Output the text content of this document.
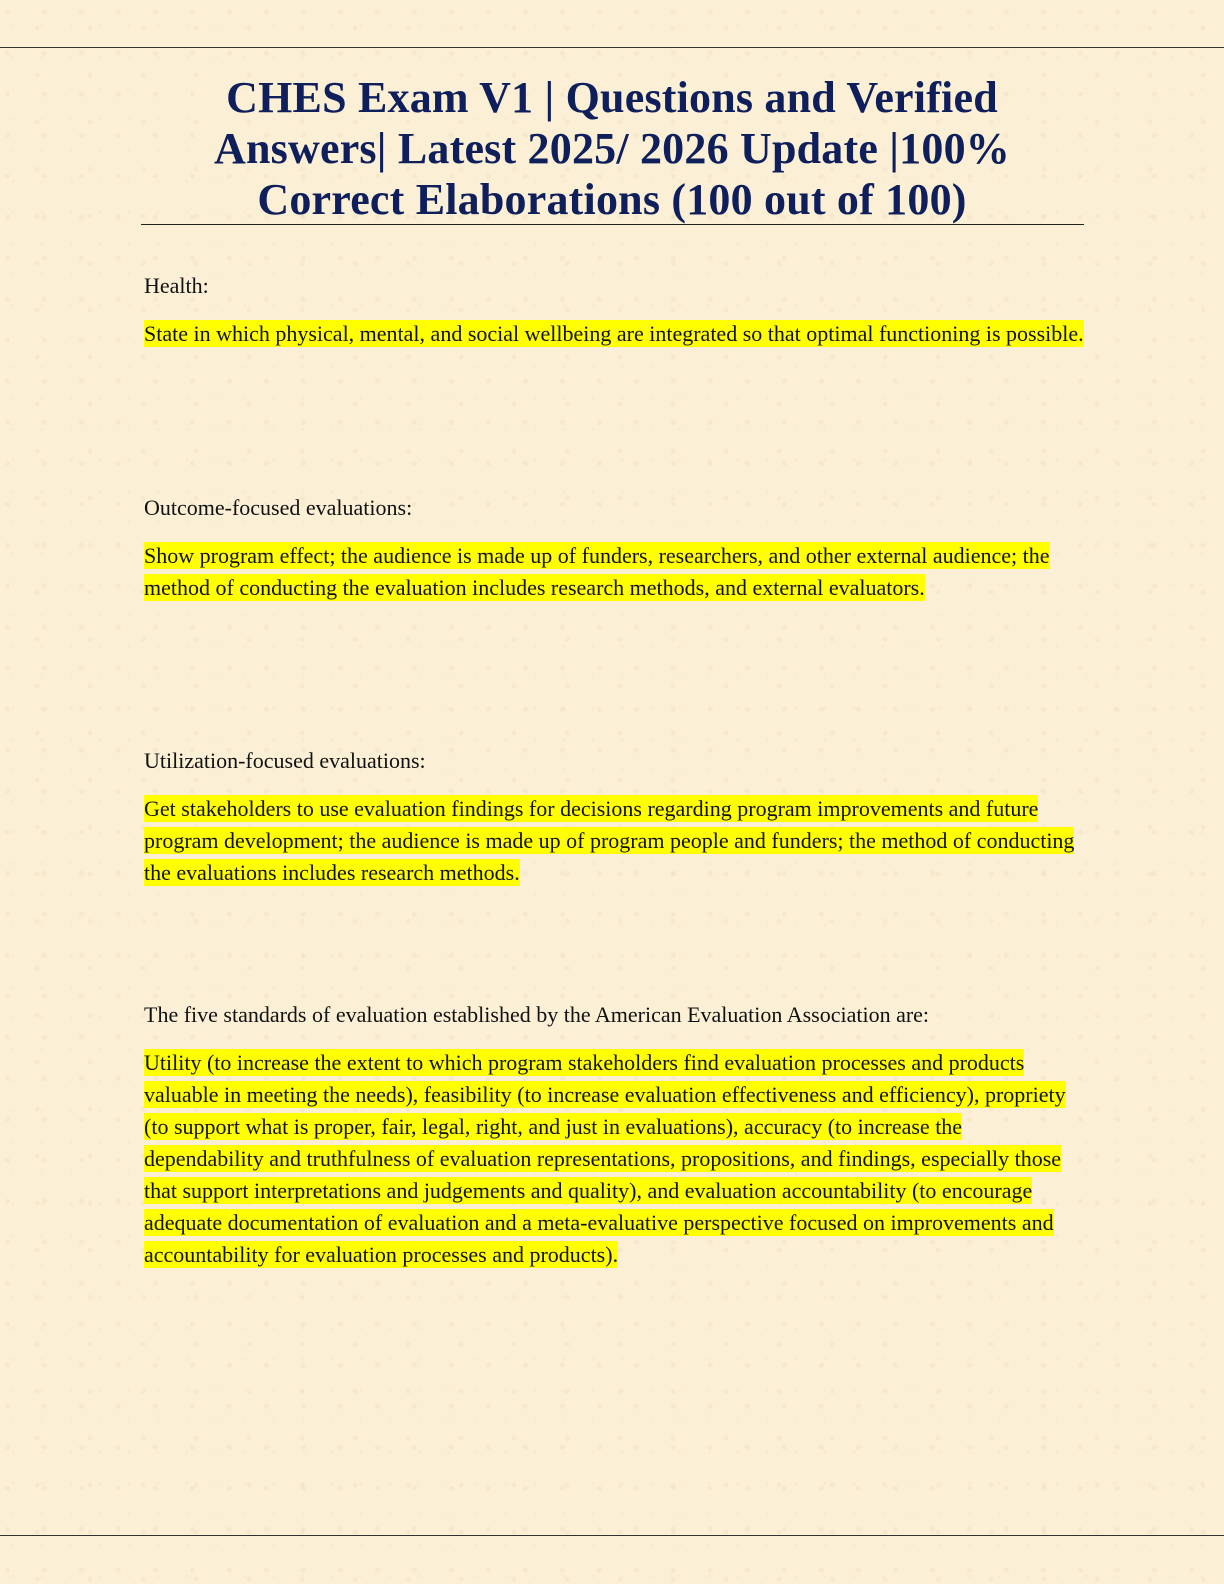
CHES Exam V1 | Questions and Verified Answers| Latest 2025/ 2026 Update |100% Correct Elaborations (100 out of 100)

Health:

State in which physical, mental, and social wellbeing are integrated so that optimal functioning is possible.

Outcome-focused evaluations:

Show program effect; the audience is made up of funders, researchers, and other external audience; the method of conducting the evaluation includes research methods, and external evaluators.

Utilization-focused evaluations:

Get stakeholders to use evaluation findings for decisions regarding program improvements and future program development; the audience is made up of program people and funders; the method of conducting the evaluations includes research methods.

The five standards of evaluation established by the American Evaluation Association are:

Utility (to increase the extent to which program stakeholders find evaluation processes and products valuable in meeting the needs), feasibility (to increase evaluation effectiveness and efficiency), propriety (to support what is proper, fair, legal, right, and just in evaluations), accuracy (to increase the dependability and truthfulness of evaluation representations, propositions, and findings, especially those that support interpretations and judgements and quality), and evaluation accountability (to encourage adequate documentation of evaluation and a meta-evaluative perspective focused on improvements and accountability for evaluation processes and products).
